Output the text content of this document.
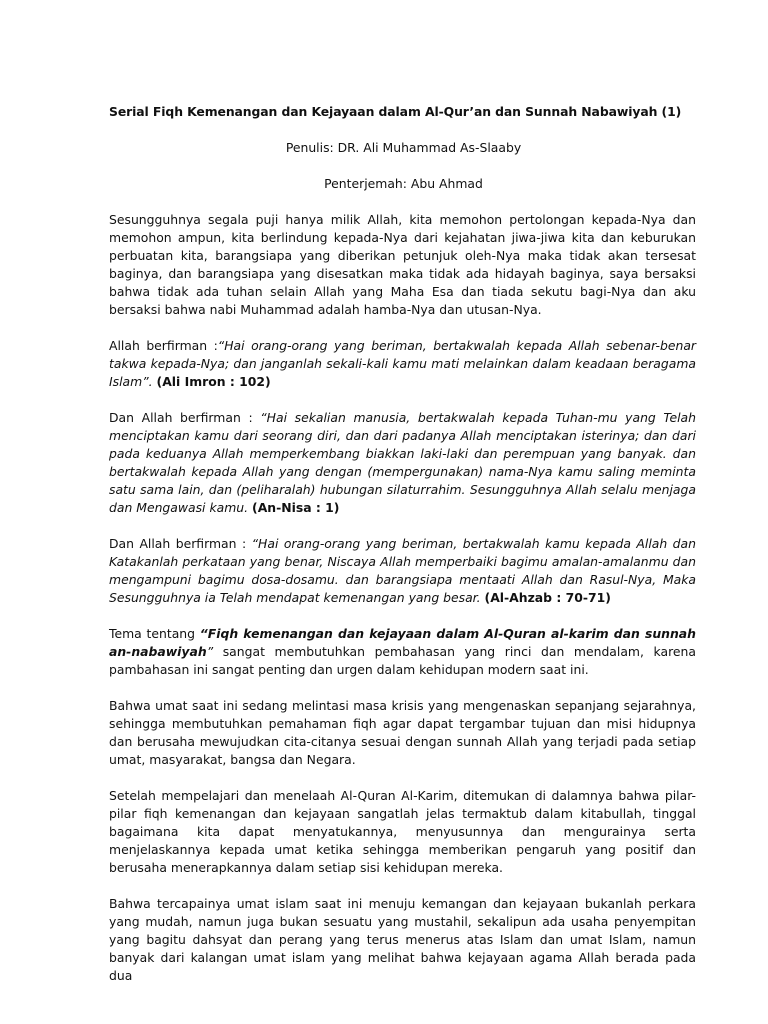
Serial Fiqh Kemenangan dan Kejayaan dalam Al-Qur’an dan Sunnah Nabawiyah (1)

Penulis: DR. Ali Muhammad As-Slaaby

Penterjemah: Abu Ahmad

Sesungguhnya segala puji hanya milik Allah, kita memohon pertolongan kepada-Nya dan memohon ampun, kita berlindung kepada-Nya dari kejahatan jiwa-jiwa kita dan keburukan perbuatan kita, barangsiapa yang diberikan petunjuk oleh-Nya maka tidak akan tersesat baginya, dan barangsiapa yang disesatkan maka tidak ada hidayah baginya, saya bersaksi bahwa tidak ada tuhan selain Allah yang Maha Esa dan tiada sekutu bagi-Nya dan aku bersaksi bahwa nabi Muhammad adalah hamba-Nya dan utusan-Nya.

Allah berfirman :“Hai orang-orang yang beriman, bertakwalah kepada Allah sebenar-benar takwa kepada-Nya; dan janganlah sekali-kali kamu mati melainkan dalam keadaan beragama Islam”. (Ali Imron : 102)

Dan Allah berfirman : “Hai sekalian manusia, bertakwalah kepada Tuhan-mu yang Telah menciptakan kamu dari seorang diri, dan dari padanya Allah menciptakan isterinya; dan dari pada keduanya Allah memperkembang biakkan laki-laki dan perempuan yang banyak. dan bertakwalah kepada Allah yang dengan (mempergunakan) nama-Nya kamu saling meminta satu sama lain, dan (peliharalah) hubungan silaturrahim. Sesungguhnya Allah selalu menjaga dan Mengawasi kamu. (An-Nisa : 1)

Dan Allah berfirman : “Hai orang-orang yang beriman, bertakwalah kamu kepada Allah dan Katakanlah perkataan yang benar, Niscaya Allah memperbaiki bagimu amalan-amalanmu dan mengampuni bagimu dosa-dosamu. dan barangsiapa mentaati Allah dan Rasul-Nya, Maka Sesungguhnya ia Telah mendapat kemenangan yang besar. (Al-Ahzab : 70-71)

Tema tentang “Fiqh kemenangan dan kejayaan dalam Al-Quran al-karim dan sunnah an-nabawiyah” sangat membutuhkan pembahasan yang rinci dan mendalam, karena pambahasan ini sangat penting dan urgen dalam kehidupan modern saat ini.

Bahwa umat saat ini sedang melintasi masa krisis yang mengenaskan sepanjang sejarahnya, sehingga membutuhkan pemahaman fiqh agar dapat tergambar tujuan dan misi hidupnya dan berusaha mewujudkan cita-citanya sesuai dengan sunnah Allah yang terjadi pada setiap umat, masyarakat, bangsa dan Negara.

Setelah mempelajari dan menelaah Al-Quran Al-Karim, ditemukan di dalamnya bahwa pilar-pilar fiqh kemenangan dan kejayaan sangatlah jelas termaktub dalam kitabullah, tinggal bagaimana kita dapat menyatukannya, menyusunnya dan mengurainya serta menjelaskannya kepada umat ketika sehingga memberikan pengaruh yang positif dan berusaha menerapkannya dalam setiap sisi kehidupan mereka.

Bahwa tercapainya umat islam saat ini menuju kemangan dan kejayaan bukanlah perkara yang mudah, namun juga bukan sesuatu yang mustahil, sekalipun ada usaha penyempitan yang bagitu dahsyat dan perang yang terus menerus atas Islam dan umat Islam, namun banyak dari kalangan umat islam yang melihat bahwa kejayaan agama Allah berada pada dua
